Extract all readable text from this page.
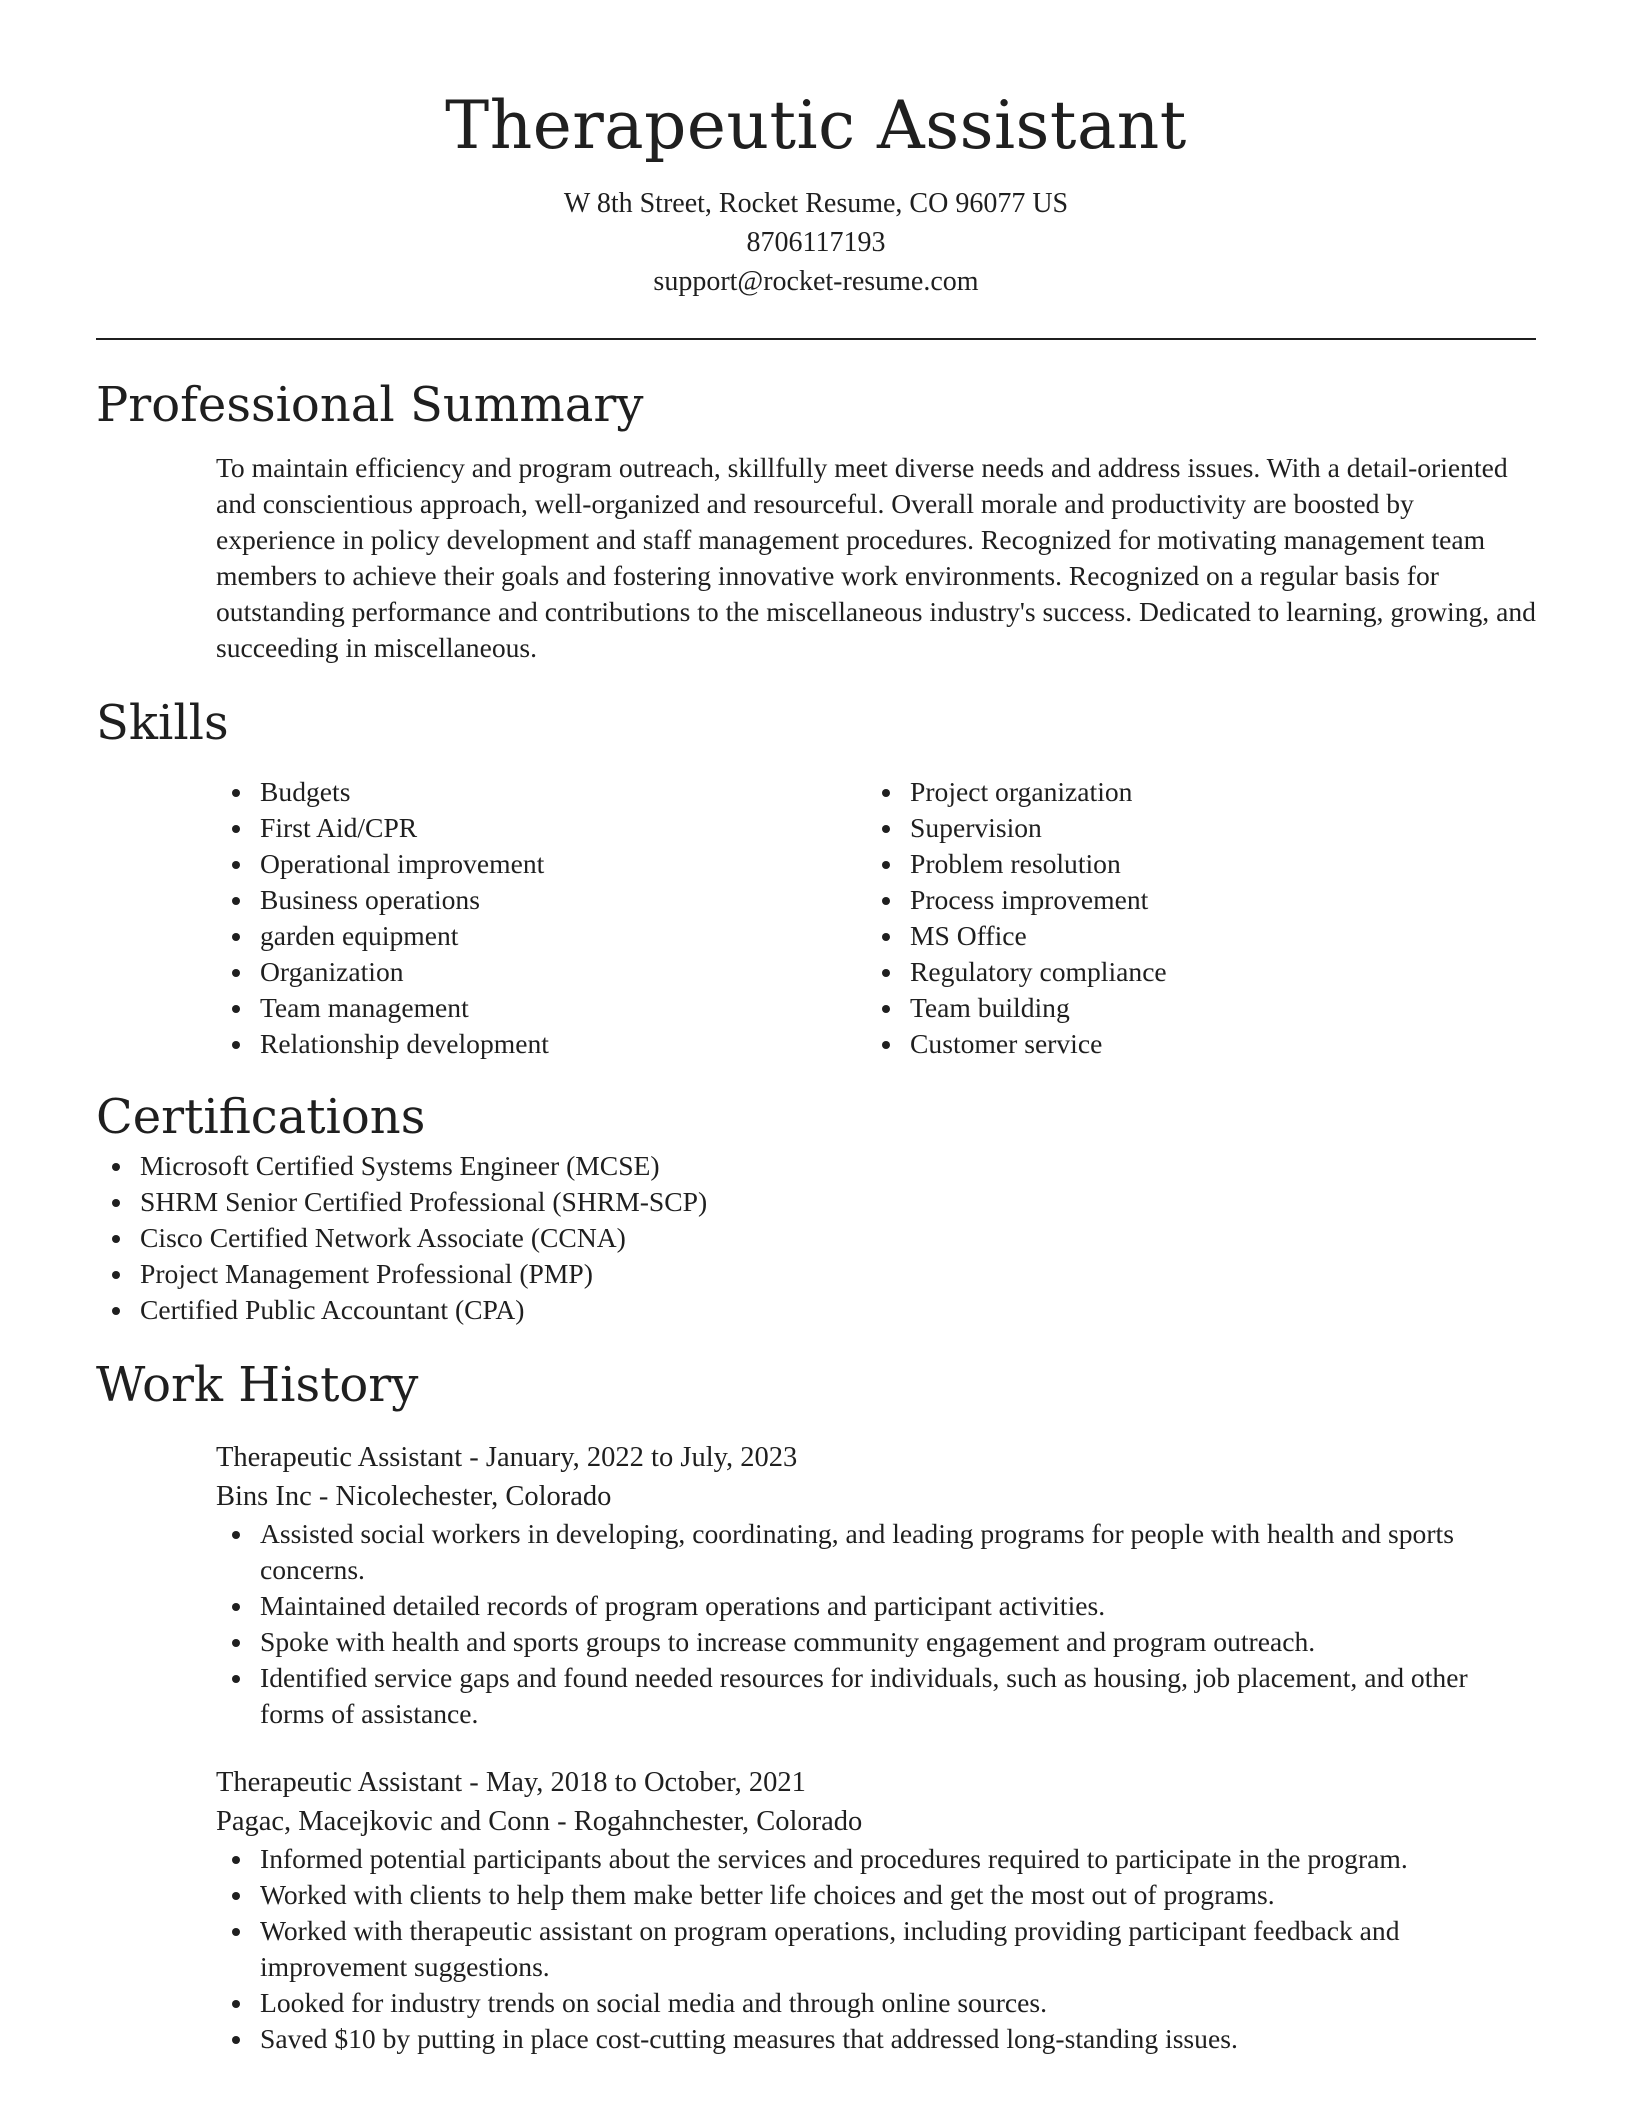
Therapeutic Assistant
W 8th Street, Rocket Resume, CO 96077 US
8706117193
support@rocket-resume.com
Professional Summary
To maintain efficiency and program outreach, skillfully meet diverse needs and address issues. With a detail-oriented and conscientious approach, well-organized and resourceful. Overall morale and productivity are boosted by experience in policy development and staff management procedures. Recognized for motivating management team members to achieve their goals and fostering innovative work environments. Recognized on a regular basis for outstanding performance and contributions to the miscellaneous industry's success. Dedicated to learning, growing, and succeeding in miscellaneous.
Skills
Budgets
First Aid/CPR
Operational improvement
Business operations
garden equipment
Organization
Team management
Relationship development
Project organization
Supervision
Problem resolution
Process improvement
MS Office
Regulatory compliance
Team building
Customer service
Certifications
Microsoft Certified Systems Engineer (MCSE)
SHRM Senior Certified Professional (SHRM-SCP)
Cisco Certified Network Associate (CCNA)
Project Management Professional (PMP)
Certified Public Accountant (CPA)
Work History
Therapeutic Assistant - January, 2022 to July, 2023
Bins Inc - Nicolechester, Colorado
Assisted social workers in developing, coordinating, and leading programs for people with health and sports concerns.
Maintained detailed records of program operations and participant activities.
Spoke with health and sports groups to increase community engagement and program outreach.
Identified service gaps and found needed resources for individuals, such as housing, job placement, and other forms of assistance.
Therapeutic Assistant - May, 2018 to October, 2021
Pagac, Macejkovic and Conn - Rogahnchester, Colorado
Informed potential participants about the services and procedures required to participate in the program.
Worked with clients to help them make better life choices and get the most out of programs.
Worked with therapeutic assistant on program operations, including providing participant feedback and improvement suggestions.
Looked for industry trends on social media and through online sources.
Saved $10 by putting in place cost-cutting measures that addressed long-standing issues.
